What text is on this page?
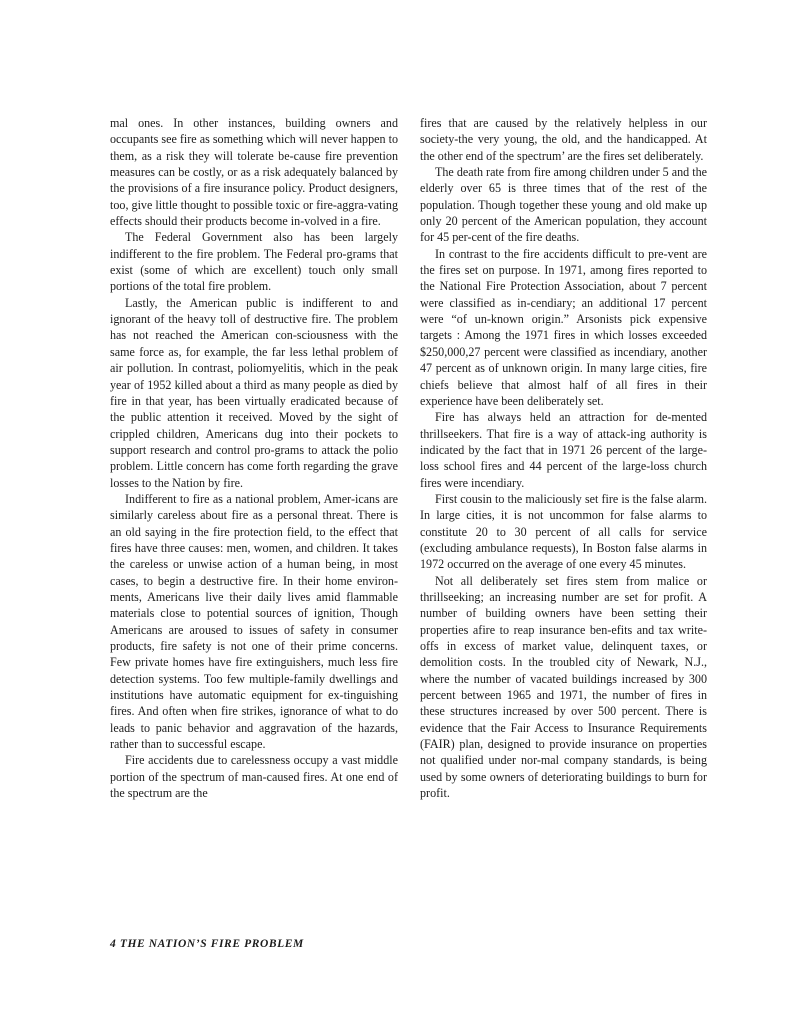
mal ones. In other instances, building owners and occupants see fire as something which will never happen to them, as a risk they will tolerate be-cause fire prevention measures can be costly, or as a risk adequately balanced by the provisions of a fire insurance policy. Product designers, too, give little thought to possible toxic or fire-aggra-vating effects should their products become in-volved in a fire.

The Federal Government also has been largely indifferent to the fire problem. The Federal pro-grams that exist (some of which are excellent) touch only small portions of the total fire problem.

Lastly, the American public is indifferent to and ignorant of the heavy toll of destructive fire. The problem has not reached the American con-sciousness with the same force as, for example, the far less lethal problem of air pollution. In contrast, poliomyelitis, which in the peak year of 1952 killed about a third as many people as died by fire in that year, has been virtually eradicated because of the public attention it received. Moved by the sight of crippled children, Americans dug into their pockets to support research and control pro-grams to attack the polio problem. Little concern has come forth regarding the grave losses to the Nation by fire.

Indifferent to fire as a national problem, Amer-icans are similarly careless about fire as a personal threat. There is an old saying in the fire protection field, to the effect that fires have three causes: men, women, and children. It takes the careless or unwise action of a human being, in most cases, to begin a destructive fire. In their home environ-ments, Americans live their daily lives amid flammable materials close to potential sources of ignition, Though Americans are aroused to issues of safety in consumer products, fire safety is not one of their prime concerns. Few private homes have fire extinguishers, much less fire detection systems. Too few multiple-family dwellings and institutions have automatic equipment for ex-tinguishing fires. And often when fire strikes, ignorance of what to do leads to panic behavior and aggravation of the hazards, rather than to successful escape.

Fire accidents due to carelessness occupy a vast middle portion of the spectrum of man-caused fires. At one end of the spectrum are the

fires that are caused by the relatively helpless in our society-the very young, the old, and the handicapped. At the other end of the spectrum’ are the fires set deliberately.

The death rate from fire among children under 5 and the elderly over 65 is three times that of the rest of the population. Though together these young and old make up only 20 percent of the American population, they account for 45 per-cent of the fire deaths.

In contrast to the fire accidents difficult to pre-vent are the fires set on purpose. In 1971, among fires reported to the National Fire Protection Association, about 7 percent were classified as in-cendiary; an additional 17 percent were “of un-known origin.” Arsonists pick expensive targets : Among the 1971 fires in which losses exceeded $250,000,27 percent were classified as incendiary, another 47 percent as of unknown origin. In many large cities, fire chiefs believe that almost half of all fires in their experience have been deliberately set.

Fire has always held an attraction for de-mented thrillseekers. That fire is a way of attack-ing authority is indicated by the fact that in 1971 26 percent of the large-loss school fires and 44 percent of the large-loss church fires were incendiary.

First cousin to the maliciously set fire is the false alarm. In large cities, it is not uncommon for false alarms to constitute 20 to 30 percent of all calls for service (excluding ambulance requests), In Boston false alarms in 1972 occurred on the average of one every 45 minutes.

Not all deliberately set fires stem from malice or thrillseeking; an increasing number are set for profit. A number of building owners have been setting their properties afire to reap insurance ben-efits and tax write-offs in excess of market value, delinquent taxes, or demolition costs. In the troubled city of Newark, N.J., where the number of vacated buildings increased by 300 percent between 1965 and 1971, the number of fires in these structures increased by over 500 percent. There is evidence that the Fair Access to Insurance Requirements (FAIR) plan, designed to provide insurance on properties not qualified under nor-mal company standards, is being used by some owners of deteriorating buildings to burn for profit.

4 THE NATION’S FIRE PROBLEM
